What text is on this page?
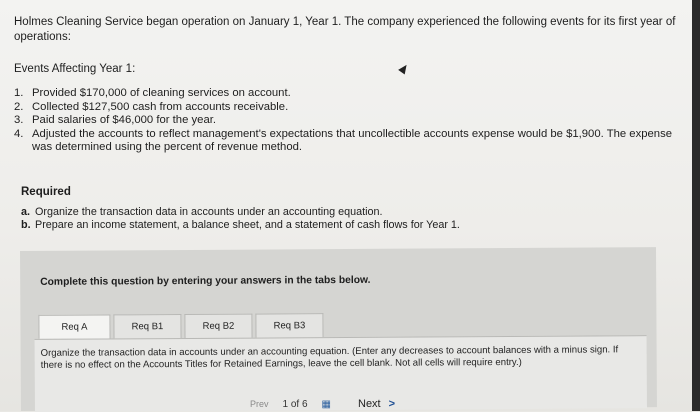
Holmes Cleaning Service began operation on January 1, Year 1. The company experienced the following events for its first year of operations:

Events Affecting Year 1:

1. Provided $170,000 of cleaning services on account.
2. Collected $127,500 cash from accounts receivable.
3. Paid salaries of $46,000 for the year.
4. Adjusted the accounts to reflect management's expectations that uncollectible accounts expense would be $1,900. The expense was determined using the percent of revenue method.

Required

a. Organize the transaction data in accounts under an accounting equation.
b. Prepare an income statement, a balance sheet, and a statement of cash flows for Year 1.

Complete this question by entering your answers in the tabs below.

Req A	Req B1	Req B2	Req B3

Organize the transaction data in accounts under an accounting equation. (Enter any decreases to account balances with a minus sign. If there is no effect on the Accounts Titles for Retained Earnings, leave the cell blank. Not all cells will require entry.)

Prev 1
of
6 ▦	Next >
